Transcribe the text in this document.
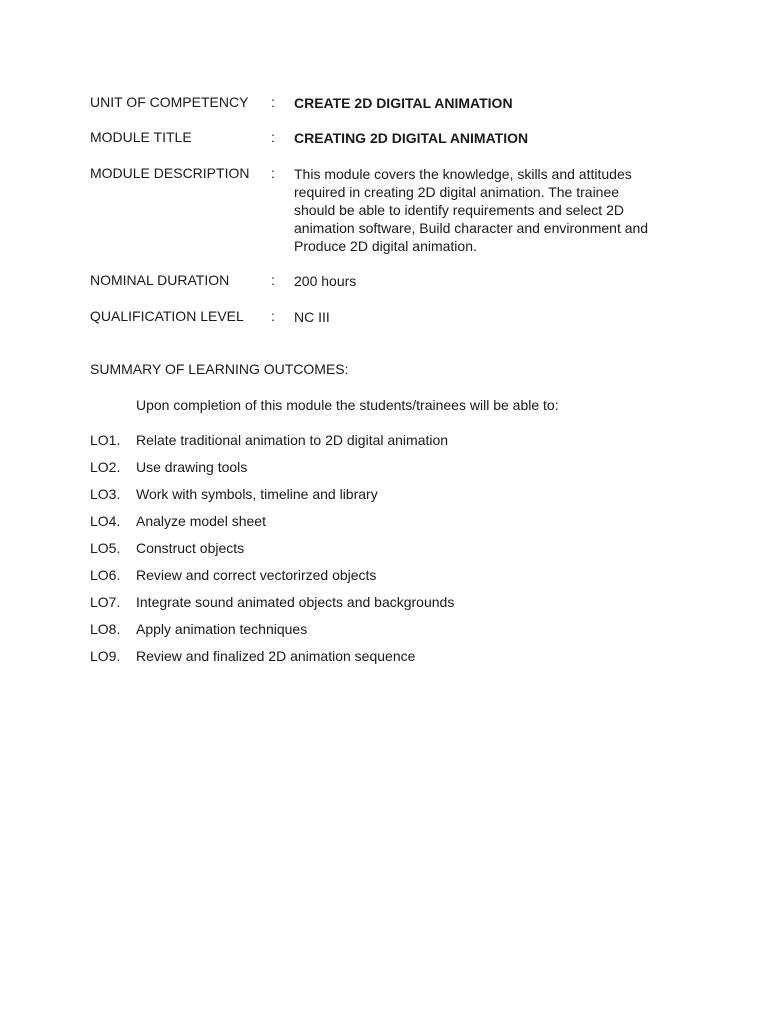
UNIT OF COMPETENCY : CREATE 2D DIGITAL ANIMATION
MODULE TITLE	: CREATING 2D DIGITAL ANIMATION
MODULE DESCRIPTION : This module covers the knowledge, skills and attitudes
required in creating 2D digital animation. The trainee
should be able to identify requirements and select 2D
animation software, Build character and environment and
Produce 2D digital animation.
NOMINAL DURATION	: 200 hours
QUALIFICATION LEVEL : NC III
SUMMARY OF LEARNING OUTCOMES:
Upon completion of this module the students/trainees will be able to:
LO1. Relate traditional animation to 2D digital animation
LO2. Use drawing tools
LO3. Work with symbols, timeline and library
LO4. Analyze model sheet
LO5. Construct objects
LO6. Review and correct vectorirzed objects
LO7. Integrate sound animated objects and backgrounds
LO8. Apply animation techniques
LO9. Review and finalized 2D animation sequence
